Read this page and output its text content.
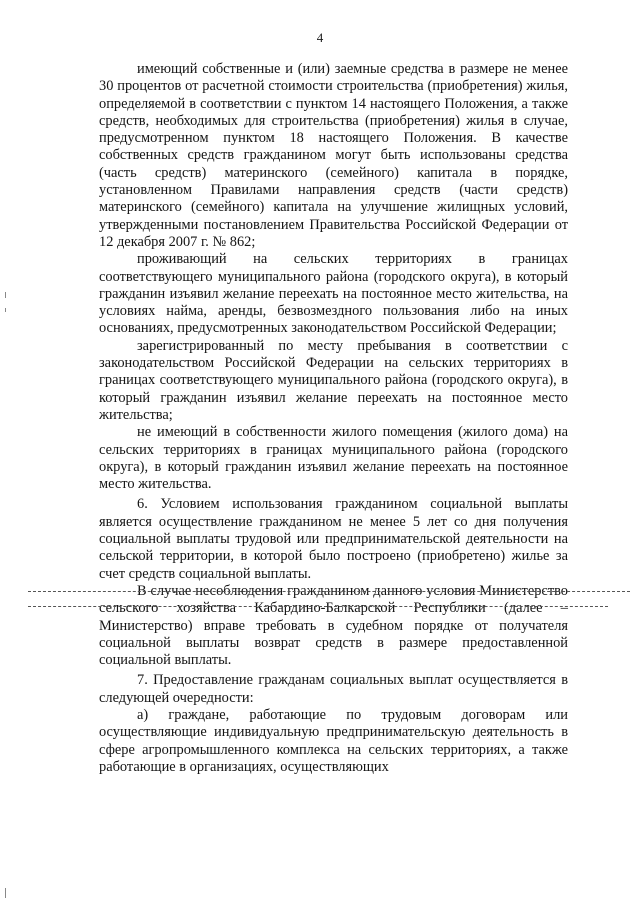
4

имеющий собственные и (или) заемные средства в размере не менее 30 процентов от расчетной стоимости строительства (приобретения) жилья, определяемой в соответствии с пунктом 14 настоящего Положения, а также средств, необходимых для строительства (приобретения) жилья в случае, предусмотренном пунктом 18 настоящего Положения. В качестве собственных средств гражданином могут быть использованы средства (часть средств) материнского (семейного) капитала в порядке, установленном Правилами направления средств (части средств) материнского (семейного) капитала на улучшение жилищных условий, утвержденными постановлением Правительства Российской Федерации от 12 декабря 2007 г. № 862;

проживающий на сельских территориях в границах соответствующего муниципального района (городского округа), в который гражданин изъявил желание переехать на постоянное место жительства, на условиях найма, аренды, безвозмездного пользования либо на иных основаниях, предусмотренных законодательством Российской Федерации;

зарегистрированный по месту пребывания в соответствии с законодательством Российской Федерации на сельских территориях в границах соответствующего муниципального района (городского округа), в который гражданин изъявил желание переехать на постоянное место жительства;

не имеющий в собственности жилого помещения (жилого дома) на сельских территориях в границах муниципального района (городского округа), в который гражданин изъявил желание переехать на постоянное место жительства.

6. Условием использования гражданином социальной выплаты является осуществление гражданином не менее 5 лет со дня получения социальной выплаты трудовой или предпринимательской деятельности на сельской территории, в которой было построено (приобретено) жилье за счет средств социальной выплаты.

В случае несоблюдения гражданином данного условия Министерство сельского хозяйства Кабардино-Балкарской Республики (далее – Министерство) вправе требовать в судебном порядке от получателя социальной выплаты возврат средств в размере предоставленной социальной выплаты.

7. Предоставление гражданам социальных выплат осуществляется в следующей очередности:

а) граждане, работающие по трудовым договорам или осуществляющие индивидуальную предпринимательскую деятельность в сфере агропромышленного комплекса на сельских территориях, а также работающие в организациях, осуществляющих
